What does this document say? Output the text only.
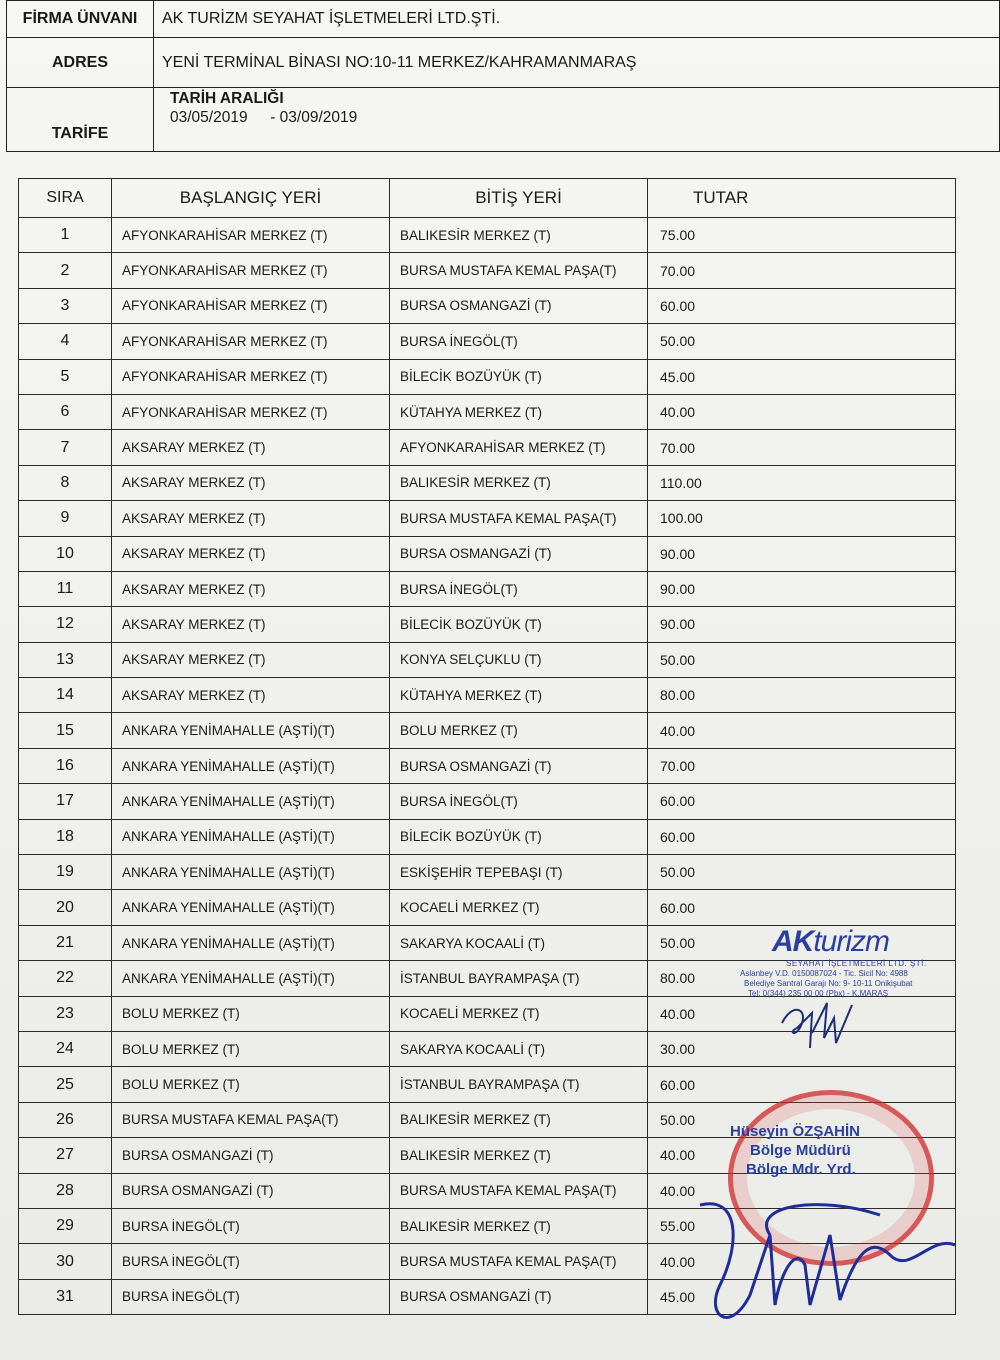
FİRMA ÜNVANI	AK TURİZM SEYAHAT İŞLETMELERİ LTD.ŞTİ.
ADRES	YENİ TERMİNAL BİNASI NO:10-11 MERKEZ/KAHRAMANMARAŞ
TARİFE	TARİH ARALIĞI
03/05/2019 - 03/09/2019
SIRA	BAŞLANGIÇ YERİ	BİTİŞ YERİ	TUTAR
1	AFYONKARAHİSAR MERKEZ (T)	BALIKESİR MERKEZ (T)	75.00
2	AFYONKARAHİSAR MERKEZ (T)	BURSA MUSTAFA KEMAL PAŞA(T)	70.00
3	AFYONKARAHİSAR MERKEZ (T)	BURSA OSMANGAZİ (T)	60.00
4	AFYONKARAHİSAR MERKEZ (T)	BURSA İNEGÖL(T)	50.00
5	AFYONKARAHİSAR MERKEZ (T)	BİLECİK BOZÜYÜK (T)	45.00
6	AFYONKARAHİSAR MERKEZ (T)	KÜTAHYA MERKEZ (T)	40.00
7	AKSARAY MERKEZ (T)	AFYONKARAHİSAR MERKEZ (T)	70.00
8	AKSARAY MERKEZ (T)	BALIKESİR MERKEZ (T)	110.00
9	AKSARAY MERKEZ (T)	BURSA MUSTAFA KEMAL PAŞA(T)	100.00
10	AKSARAY MERKEZ (T)	BURSA OSMANGAZİ (T)	90.00
11	AKSARAY MERKEZ (T)	BURSA İNEGÖL(T)	90.00
12	AKSARAY MERKEZ (T)	BİLECİK BOZÜYÜK (T)	90.00
13	AKSARAY MERKEZ (T)	KONYA SELÇUKLU (T)	50.00
14	AKSARAY MERKEZ (T)	KÜTAHYA MERKEZ (T)	80.00
15	ANKARA YENİMAHALLE (AŞTİ)(T)	BOLU MERKEZ (T)	40.00
16	ANKARA YENİMAHALLE (AŞTİ)(T)	BURSA OSMANGAZİ (T)	70.00
17	ANKARA YENİMAHALLE (AŞTİ)(T)	BURSA İNEGÖL(T)	60.00
18	ANKARA YENİMAHALLE (AŞTİ)(T)	BİLECİK BOZÜYÜK (T)	60.00
19	ANKARA YENİMAHALLE (AŞTİ)(T)	ESKİŞEHİR TEPEBAŞI (T)	50.00
20	ANKARA YENİMAHALLE (AŞTİ)(T)	KOCAELİ MERKEZ (T)	60.00
21	ANKARA YENİMAHALLE (AŞTİ)(T)	SAKARYA KOCAALİ (T)	50.00
22	ANKARA YENİMAHALLE (AŞTİ)(T)	İSTANBUL BAYRAMPAŞA (T)	80.00
23	BOLU MERKEZ (T)	KOCAELİ MERKEZ (T)	40.00
24	BOLU MERKEZ (T)	SAKARYA KOCAALİ (T)	30.00
25	BOLU MERKEZ (T)	İSTANBUL BAYRAMPAŞA (T)	60.00
26	BURSA MUSTAFA KEMAL PAŞA(T)	BALIKESİR MERKEZ (T)	50.00
27	BURSA OSMANGAZİ (T)	BALIKESİR MERKEZ (T)	40.00
28	BURSA OSMANGAZİ (T)	BURSA MUSTAFA KEMAL PAŞA(T)	40.00
29	BURSA İNEGÖL(T)	BALIKESİR MERKEZ (T)	55.00
30	BURSA İNEGÖL(T)	BURSA MUSTAFA KEMAL PAŞA(T)	40.00
31	BURSA İNEGÖL(T)	BURSA OSMANGAZİ (T)	45.00
AKturizm
SEYAHAT İŞLETMELERİ LTD. ŞTİ.
Aslanbey V.D. 0150087024 - Tic. Sicil No: 4988
Belediye Santral Garajı No: 9- 10-11 Onikişubat
Tel: 0(344) 235 00 00 (Pbx) - K.MARAŞ
Hüseyin ÖZŞAHİN
Bölge Müdürü
Bölge Mdr. Yrd.
